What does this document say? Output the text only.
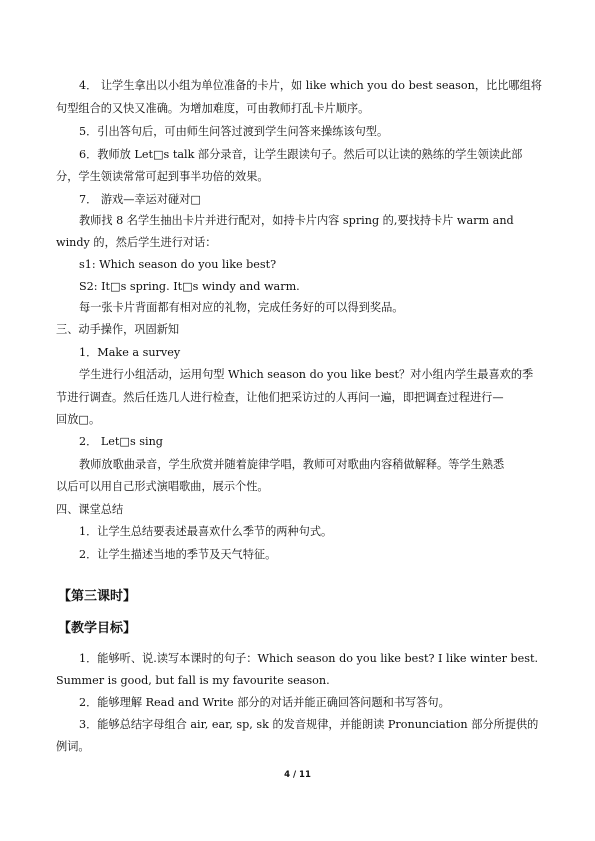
4． 让学生拿出以小组为单位准备的卡片，如 like which you do best season，比比哪组将
句型组合的又快又准确。为增加难度，可由教师打乱卡片顺序。
5．引出答句后，可由师生问答过渡到学生问答来操练该句型。
6．教师放 Let□s talk 部分录音，让学生跟读句子。然后可以让读的熟练的学生领读此部
分，学生领读常常可起到事半功倍的效果。
7． 游戏—幸运对碰对□
教师找 8 名学生抽出卡片并进行配对，如持卡片内容 spring 的,要找持卡片 warm and
windy 的，然后学生进行对话：
s1: Which season do you like best?
S2: It□s spring. It□s windy and warm.
每一张卡片背面都有相对应的礼物，完成任务好的可以得到奖品。
三、动手操作，巩固新知
1．Make a survey
学生进行小组活动，运用句型 Which season do you like best？对小组内学生最喜欢的季
节进行调查。然后任选几人进行检查，让他们把采访过的人再问一遍，即把调查过程进行—
回放□。
2． Let□s sing
教师放歌曲录音，学生欣赏并随着旋律学唱，教师可对歌曲内容稍做解释。等学生熟悉
以后可以用自己形式演唱歌曲，展示个性。
四、课堂总结
1．让学生总结要表述最喜欢什么季节的两种句式。
2．让学生描述当地的季节及天气特征。
【第三课时】
【教学目标】
1．能够听、说.读写本课时的句子：Which season do you like best? I like winter best.
Summer is good, but fall is my favourite season.
2．能够理解 Read and Write 部分的对话并能正确回答问题和书写答句。
3．能够总结字母组合 air, ear, sp, sk 的发音规律，并能朗读 Pronunciation 部分所提供的
例词。
4 / 11
